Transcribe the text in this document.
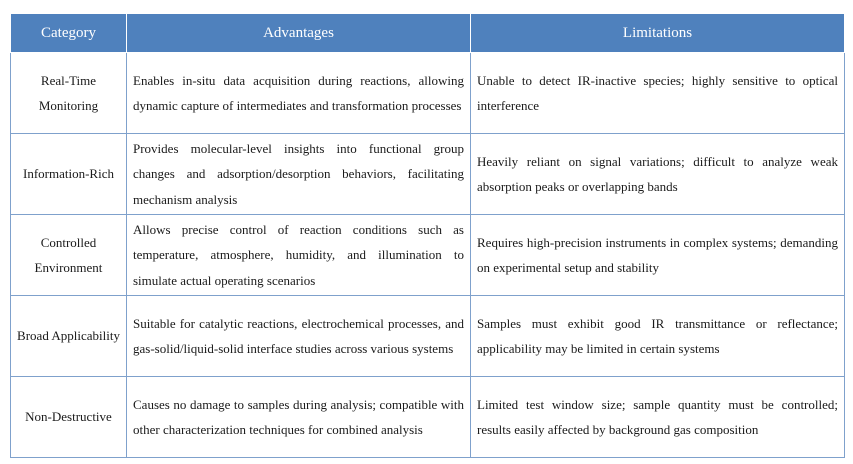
Category	Advantages	Limitations
Real-Time Monitoring	Enables in-situ data acquisition during reactions, allowing dynamic capture of intermediates and transformation processes	Unable to detect IR-inactive species; highly sensitive to optical interference
Information-Rich	Provides molecular-level insights into functional group changes and adsorption/desorption behaviors, facilitating mechanism analysis	Heavily reliant on signal variations; difficult to analyze weak absorption peaks or overlapping bands
Controlled Environment	Allows precise control of reaction conditions such as temperature, atmosphere, humidity, and illumination to simulate actual operating scenarios	Requires high-precision instruments in complex systems; demanding on experimental setup and stability
Broad Applicability	Suitable for catalytic reactions, electrochemical processes, and gas-solid/liquid-solid interface studies across various systems	Samples must exhibit good IR transmittance or reflectance; applicability may be limited in certain systems
Non-Destructive	Causes no damage to samples during analysis; compatible with other characterization techniques for combined analysis	Limited test window size; sample quantity must be controlled; results easily affected by background gas composition
